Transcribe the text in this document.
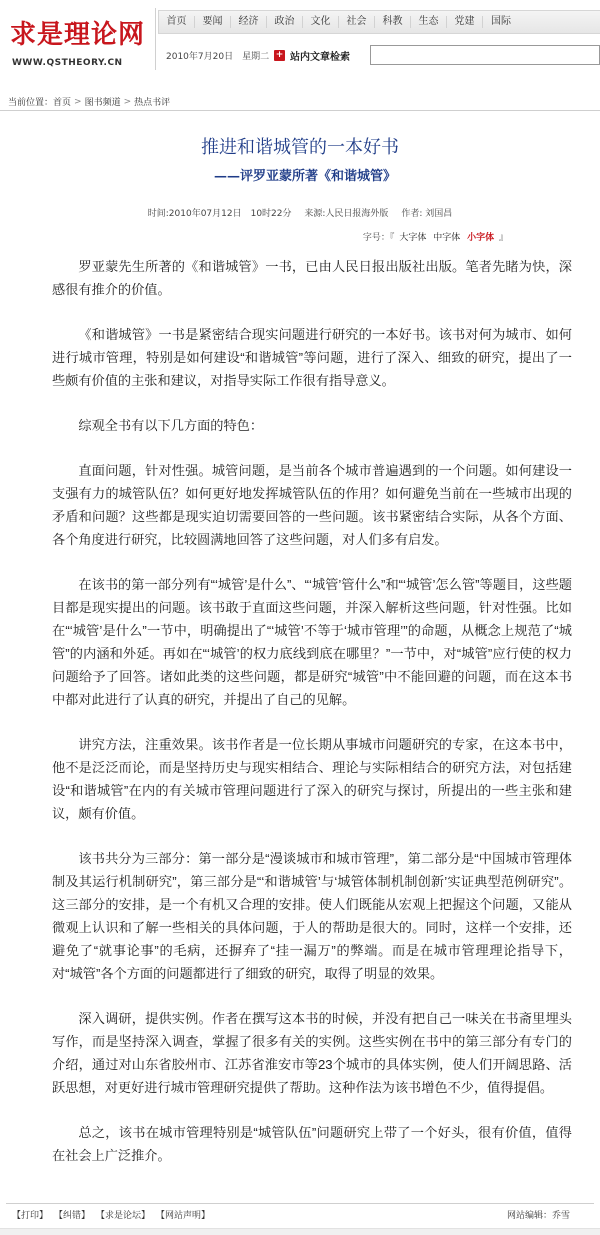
求是理论网
WWW.QSTHEORY.CN
首页	要闻	经济	政治	文化	社会	科教	生态	党建	国际
2010年7月20日　星期二 + 站内文章检索
当前位置： 首页 > 图书频道 > 热点书评
推进和谐城管的一本好书
——评罗亚蒙所著《和谐城管》
时间:2010年07月12日　10时22分 来源:人民日报海外版 作者: 刘国昌
字号：『 大字体 中字体 小字体 』

罗亚蒙先生所著的《和谐城管》一书，已由人民日报出版社出版。笔者先睹为快，深感很有推介的价值。

《和谐城管》一书是紧密结合现实问题进行研究的一本好书。该书对何为城市、如何进行城市管理，特别是如何建设“和谐城管”等问题，进行了深入、细致的研究，提出了一些颇有价值的主张和建议，对指导实际工作很有指导意义。

综观全书有以下几方面的特色：

直面问题，针对性强。城管问题，是当前各个城市普遍遇到的一个问题。如何建设一支强有力的城管队伍？如何更好地发挥城管队伍的作用？如何避免当前在一些城市出现的矛盾和问题？这些都是现实迫切需要回答的一些问题。该书紧密结合实际，从各个方面、各个角度进行研究，比较圆满地回答了这些问题，对人们多有启发。

在该书的第一部分列有“‘城管’是什么”、“‘城管’管什么”和“‘城管’怎么管”等题目，这些题目都是现实提出的问题。该书敢于直面这些问题，并深入解析这些问题，针对性强。比如在“‘城管’是什么”一节中，明确提出了“‘城管’不等于‘城市管理’”的命题，从概念上规范了“城管”的内涵和外延。再如在“‘城管’的权力底线到底在哪里？”一节中，对“城管”应行使的权力问题给予了回答。诸如此类的这些问题，都是研究“城管”中不能回避的问题，而在这本书中都对此进行了认真的研究，并提出了自己的见解。

讲究方法，注重效果。该书作者是一位长期从事城市问题研究的专家，在这本书中，他不是泛泛而论，而是坚持历史与现实相结合、理论与实际相结合的研究方法，对包括建设“和谐城管”在内的有关城市管理问题进行了深入的研究与探讨，所提出的一些主张和建议，颇有价值。

该书共分为三部分：第一部分是“漫谈城市和城市管理”，第二部分是“中国城市管理体制及其运行机制研究”，第三部分是“‘和谐城管’与‘城管体制机制创新’实证典型范例研究”。这三部分的安排，是一个有机又合理的安排。使人们既能从宏观上把握这个问题，又能从微观上认识和了解一些相关的具体问题，于人的帮助是很大的。同时，这样一个安排，还避免了“就事论事”的毛病，还摒弃了“挂一漏万”的弊端。而是在城市管理理论指导下，对“城管”各个方面的问题都进行了细致的研究，取得了明显的效果。

深入调研，提供实例。作者在撰写这本书的时候，并没有把自己一味关在书斋里埋头写作，而是坚持深入调查，掌握了很多有关的实例。这些实例在书中的第三部分有专门的介绍，通过对山东省胶州市、江苏省淮安市等23个城市的具体实例，使人们开阔思路、活跃思想，对更好进行城市管理研究提供了帮助。这种作法为该书增色不少，值得提倡。

总之，该书在城市管理特别是“城管队伍”问题研究上带了一个好头，很有价值，值得在社会上广泛推介。

【打印】 【纠错】 【求是论坛】 【网站声明】	网站编辑：乔雪
